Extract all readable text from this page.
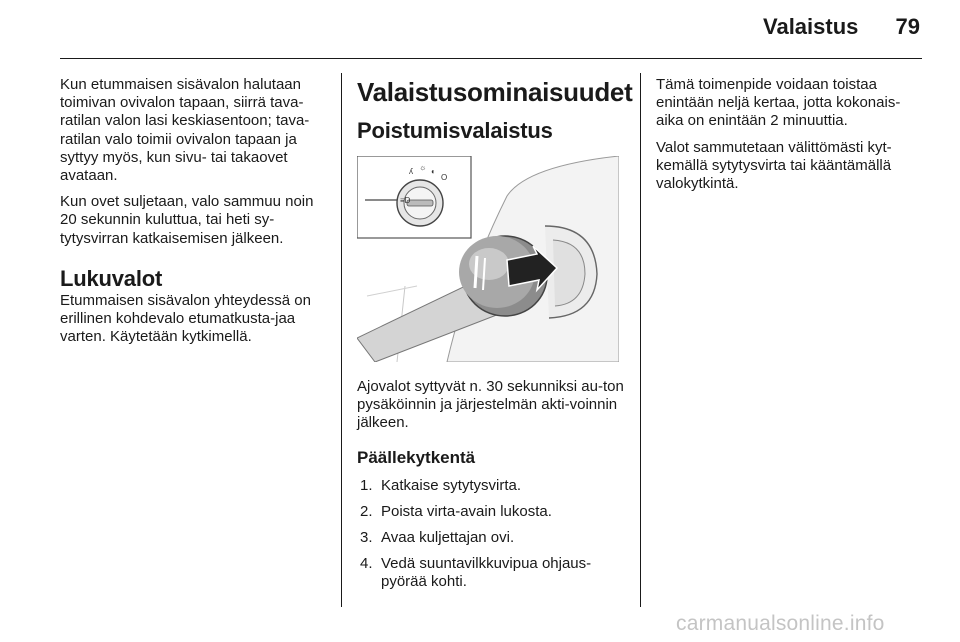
Valaistus	79

Kun etummaisen sisävalon halutaan toimivan ovivalon tapaan, siirrä tava-ratilan valon lasi keskiasentoon; tava-ratilan valo toimii ovivalon tapaan ja syttyy myös, kun sivu- tai takaovet avataan.

Kun ovet suljetaan, valo sammuu noin 20 sekunnin kuluttua, tai heti sy-tytysvirran katkaisemisen jälkeen.

Lukuvalot

Etummaisen sisävalon yhteydessä on erillinen kohdevalo etumatkusta-jaa varten. Käytetään kytkimellä.

Valaistusominaisuudet
Poistumisvalaistus
≡D
ʎ ☼ ◐
O

Ajovalot syttyvät n. 30 sekunniksi au-ton pysäköinnin ja järjestelmän akti-voinnin jälkeen.

Päällekytkentä
1. Katkaise sytytysvirta.
2. Poista virta-avain lukosta.
3. Avaa kuljettajan ovi.
4. Vedä suuntavilkkuvipua ohjaus-pyörää kohti.

Tämä toimenpide voidaan toistaa enintään neljä kertaa, jotta kokonais-aika on enintään 2 minuuttia.

Valot sammutetaan välittömästi kyt-kemällä sytytysvirta tai kääntämällä valokytkintä.

carmanualsonline.info
